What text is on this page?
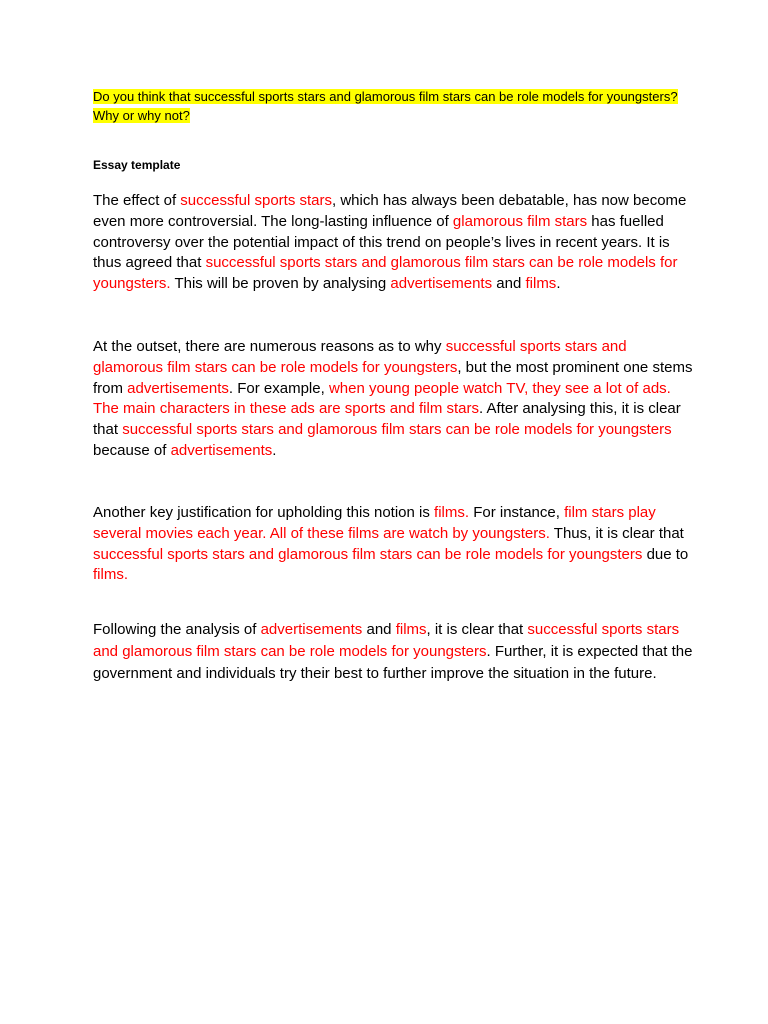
Do you think that successful sports stars and glamorous film stars can be role models for youngsters? Why or why not?
Essay template

The effect of successful sports stars, which has always been debatable, has now become even more controversial. The long-lasting influence of glamorous film stars has fuelled controversy over the potential impact of this trend on people’s lives in recent years. It is thus agreed that successful sports stars and glamorous film stars can be role models for youngsters. This will be proven by analysing advertisements and films.

At the outset, there are numerous reasons as to why successful sports stars and glamorous film stars can be role models for youngsters, but the most prominent one stems from advertisements. For example, when young people watch TV, they see a lot of ads. The main characters in these ads are sports and film stars. After analysing this, it is clear that successful sports stars and glamorous film stars can be role models for youngsters because of advertisements.

Another key justification for upholding this notion is films. For instance, film stars play several movies each year. All of these films are watch by youngsters. Thus, it is clear that successful sports stars and glamorous film stars can be role models for youngsters due to films.

Following the analysis of advertisements and films, it is clear that successful sports stars and glamorous film stars can be role models for youngsters. Further, it is expected that the government and individuals try their best to further improve the situation in the future.
